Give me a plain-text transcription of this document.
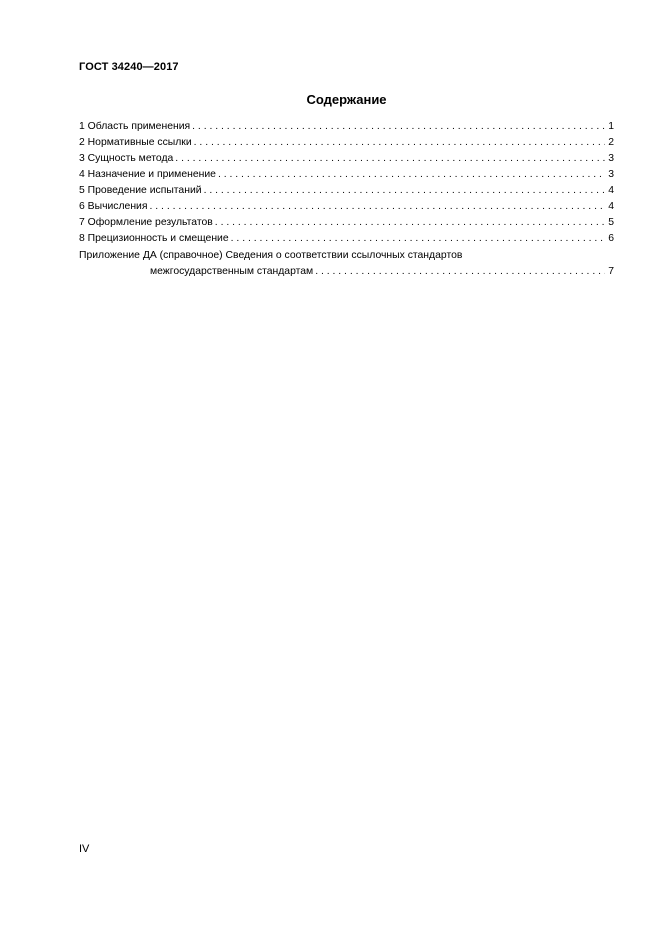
ГОСТ 34240—2017
Содержание
1 Область применения . . .	1
2 Нормативные ссылки . . .	2
3 Сущность метода . . .	3
4 Назначение и применение . . .	3
5 Проведение испытаний . . .	4
6 Вычисления . . .	4
7 Оформление результатов . . .	5
8 Прецизионность и смещение . . .	6
Приложение ДА (справочное) Сведения о соответствии ссылочных стандартов
межгосударственным стандартам . . .	7
IV
